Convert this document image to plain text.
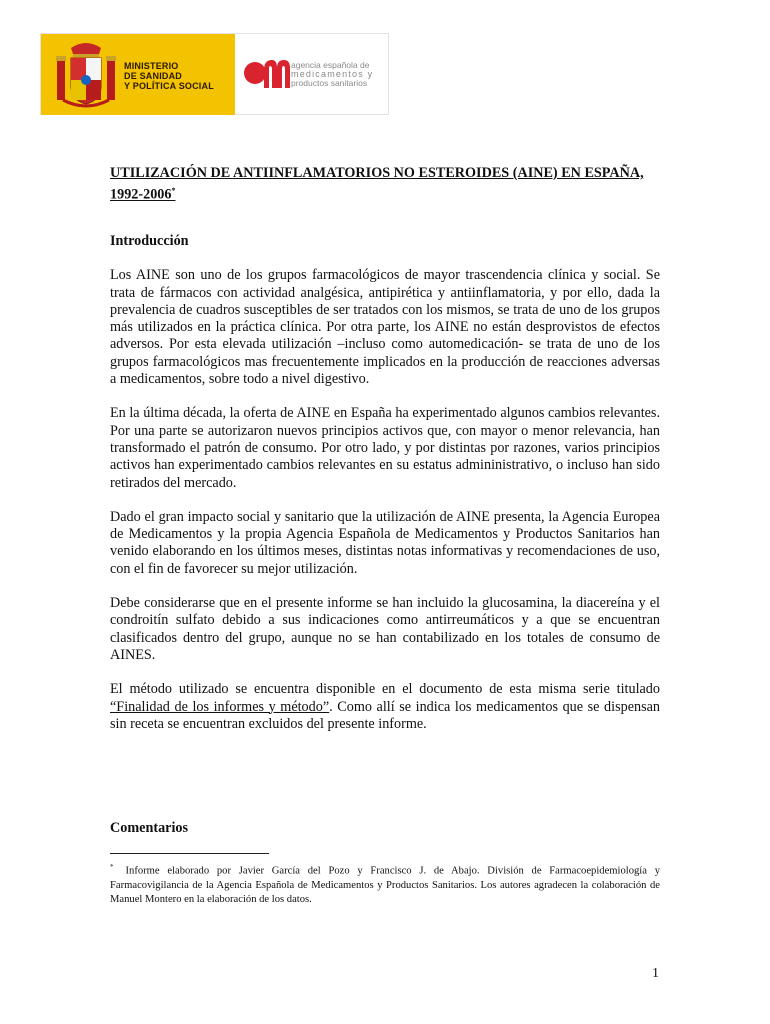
MINISTERIO
DE SANIDAD
Y POLÍTICA SOCIAL
agencia española de
medicamentos y
productos sanitarios
UTILIZACIÓN DE ANTIINFLAMATORIOS NO ESTEROIDES (AINE) EN ESPAÑA, 1992-2006*
Introducción

Los AINE son uno de los grupos farmacológicos de mayor trascendencia clínica y social. Se trata de fármacos con actividad analgésica, antipirética y antiinflamatoria, y por ello, dada la prevalencia de cuadros susceptibles de ser tratados con los mismos, se trata de uno de los grupos más utilizados en la práctica clínica. Por otra parte, los AINE no están desprovistos de efectos adversos. Por esta elevada utilización –incluso como automedicación- se trata de uno de los grupos farmacológicos mas frecuentemente implicados en la producción de reacciones adversas a medicamentos, sobre todo a nivel digestivo.

En la última década, la oferta de AINE en España ha experimentado algunos cambios relevantes. Por una parte se autorizaron nuevos principios activos que, con mayor o menor relevancia, han transformado el patrón de consumo. Por otro lado, y por distintas por razones, varios principios activos han experimentado cambios relevantes en su estatus admininistrativo, o incluso han sido retirados del mercado.

Dado el gran impacto social y sanitario que la utilización de AINE presenta, la Agencia Europea de Medicamentos y la propia Agencia Española de Medicamentos y Productos Sanitarios han venido elaborando en los últimos meses, distintas notas informativas y recomendaciones de uso, con el fin de favorecer su mejor utilización.

Debe considerarse que en el presente informe se han incluido la glucosamina, la diacereína y el condroitín sulfato debido a sus indicaciones como antirreumáticos y a que se encuentran clasificados dentro del grupo, aunque no se han contabilizado en los totales de consumo de AINES.

El método utilizado se encuentra disponible en el documento de esta misma serie titulado “Finalidad de los informes y método”. Como allí se indica los medicamentos que se dispensan sin receta se encuentran excluidos del presente informe.

Comentarios
* Informe elaborado por Javier García del Pozo y Francisco J. de Abajo. División de Farmacoepidemiología y Farmacovigilancia de la Agencia Española de Medicamentos y Productos Sanitarios. Los autores agradecen la colaboración de Manuel Montero en la elaboración de los datos.
1
